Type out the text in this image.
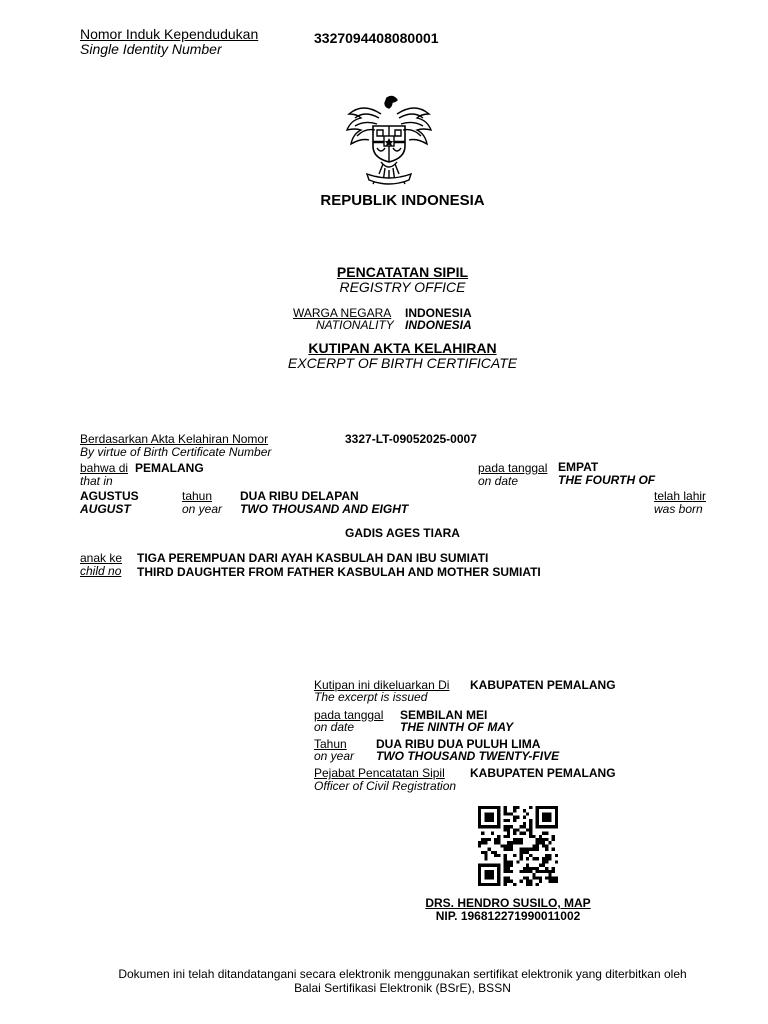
Nomor Induk Kependudukan
Single Identity Number
3327094408080001
REPUBLIK INDONESIA
PENCATATAN SIPIL
REGISTRY OFFICE
WARGA NEGARA INDONESIA
NATIONALITY INDONESIA
KUTIPAN AKTA KELAHIRAN
EXCERPT OF BIRTH CERTIFICATE
Berdasarkan Akta Kelahiran Nomor
By virtue of Birth Certificate Number
3327-LT-09052025-0007
bahwa di PEMALANG
that in
pada tanggal EMPAT
on date	THE FOURTH OF
AGUSTUS
AUGUST
tahun
on year
DUA RIBU DELAPAN
TWO THOUSAND AND EIGHT
telah lahir
was born
GADIS AGES TIARA
anak ke
child no
TIGA PEREMPUAN DARI AYAH KASBULAH DAN IBU SUMIATI
THIRD DAUGHTER FROM FATHER KASBULAH AND MOTHER SUMIATI
Kutipan ini dikeluarkan Di KABUPATEN PEMALANG
The excerpt is issued
pada tanggal SEMBILAN MEI
on date	THE NINTH OF MAY
Tahun DUA RIBU DUA PULUH LIMA
on year TWO THOUSAND TWENTY-FIVE
Pejabat Pencatatan Sipil KABUPATEN PEMALANG
Officer of Civil Registration
DRS. HENDRO SUSILO, MAP
NIP. 196812271990011002
Dokumen ini telah ditandatangani secara elektronik menggunakan sertifikat elektronik yang diterbitkan oleh
Balai Sertifikasi Elektronik (BSrE), BSSN
